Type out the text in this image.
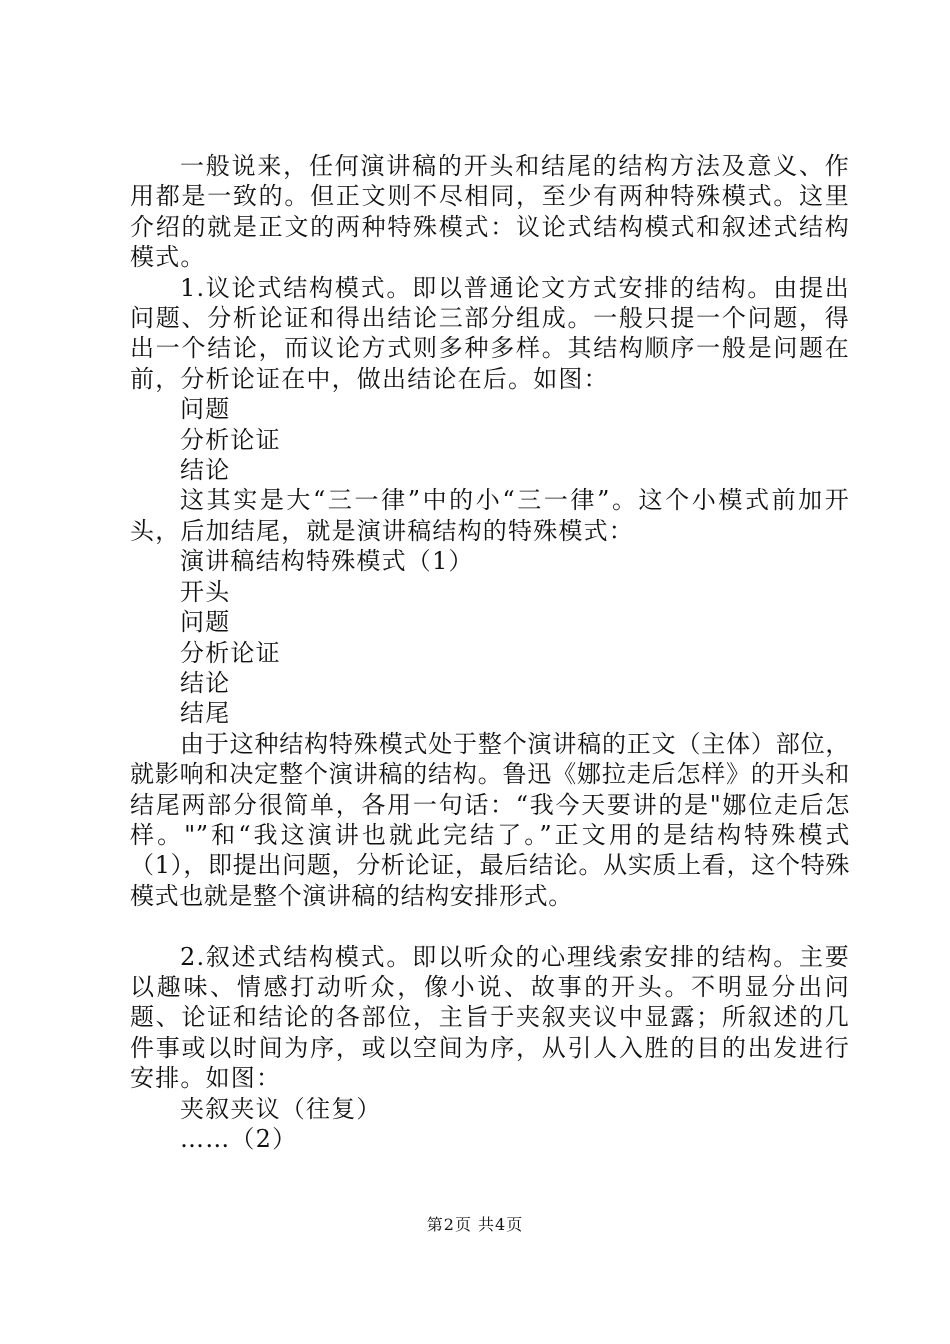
一般说来，任何演讲稿的开头和结尾的结构方法及意义、作用都是一致的。但正文则不尽相同，至少有两种特殊模式。这里介绍的就是正文的两种特殊模式：议论式结构模式和叙述式结构模式。

1.议论式结构模式。即以普通论文方式安排的结构。由提出问题、分析论证和得出结论三部分组成。一般只提一个问题，得出一个结论，而议论方式则多种多样。其结构顺序一般是问题在前，分析论证在中，做出结论在后。如图：

问题

分析论证

结论

这其实是大“三一律”中的小“三一律”。这个小模式前加开头，后加结尾，就是演讲稿结构的特殊模式：

演讲稿结构特殊模式（1）

开头

问题

分析论证

结论

结尾

由于这种结构特殊模式处于整个演讲稿的正文（主体）部位，就影响和决定整个演讲稿的结构。鲁迅《娜拉走后怎样》的开头和结尾两部分很简单，各用一句话：“我今天要讲的是"娜位走后怎样。"”和“我这演讲也就此完结了。”正文用的是结构特殊模式（1），即提出问题，分析论证，最后结论。从实质上看，这个特殊模式也就是整个演讲稿的结构安排形式。

2.叙述式结构模式。即以听众的心理线索安排的结构。主要以趣味、情感打动听众，像小说、故事的开头。不明显分出问题、论证和结论的各部位，主旨于夹叙夹议中显露；所叙述的几件事或以时间为序，或以空间为序，从引人入胜的目的出发进行安排。如图：

夹叙夹议（往复）

……（2）

第2页 共4页
